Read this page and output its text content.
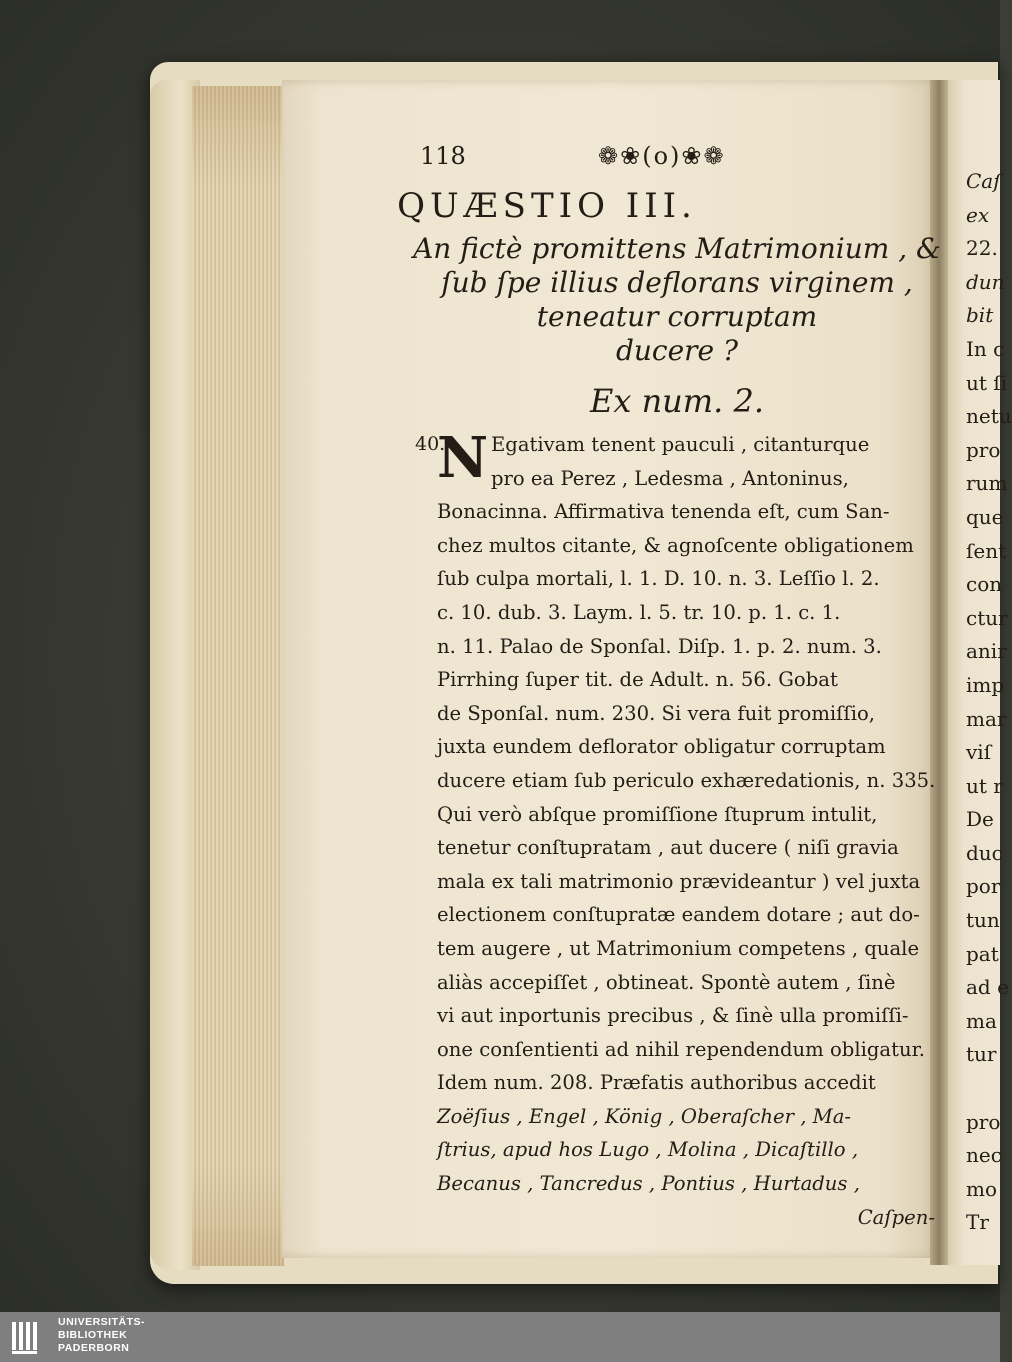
118	❁❀(o)❀❁
QUÆSTIO III.
An fictè promittens Matrimonium , &
ſub ſpe illius deflorans virginem ,
teneatur corruptam
ducere ?
Ex num. 2.
40.
N Egativam tenent pauculi , citanturque
pro ea Perez , Ledesma , Antoninus,
Bonacinna. Affirmativa tenenda eſt, cum San-
chez multos citante, & agnoſcente obligationem
ſub culpa mortali, l. 1. D. 10. n. 3. Leſſio l. 2.
c. 10. dub. 3. Laym. l. 5. tr. 10. p. 1. c. 1.
n. 11. Palao de Sponſal. Diſp. 1. p. 2. num. 3.
Pirrhing ſuper tit. de Adult. n. 56. Gobat
de Sponſal. num. 230. Si vera fuit promiſſio,
juxta eundem deflorator obligatur corruptam
ducere etiam ſub periculo exhæredationis, n. 335.
Qui verò abſque promiſſione ſtuprum intulit,
tenetur conſtupratam , aut ducere ( niſi gravia
mala ex tali matrimonio prævideantur ) vel juxta
electionem conſtupratæ eandem dotare ; aut do-
tem augere , ut Matrimonium competens , quale
aliàs accepiſſet , obtineat. Spontè autem , ſinè
vi aut inportunis precibus , & ſinè ulla promiſſi-
one conſentienti ad nihil rependendum obligatur.
Idem num. 208. Præfatis authoribus accedit
Zoëſius , Engel , König , Oberaſcher , Ma-
ſtrius, apud hos Lugo , Molina , Dicaſtillo ,
Becanus , Tancredus , Pontius , Hurtadus ,
Caſpen-
Caſ
ex
22.
dun
bit
In c
ut ſi
netu
pro
rum
que
ſent
con
ctur
anir
imp
mar
viſ
ut r
De
duc
por
tun
pat
ad e
ma
tur
pro
nec
mo
Tr
UNIVERSITÄTS-
BIBLIOTHEK
PADERBORN
